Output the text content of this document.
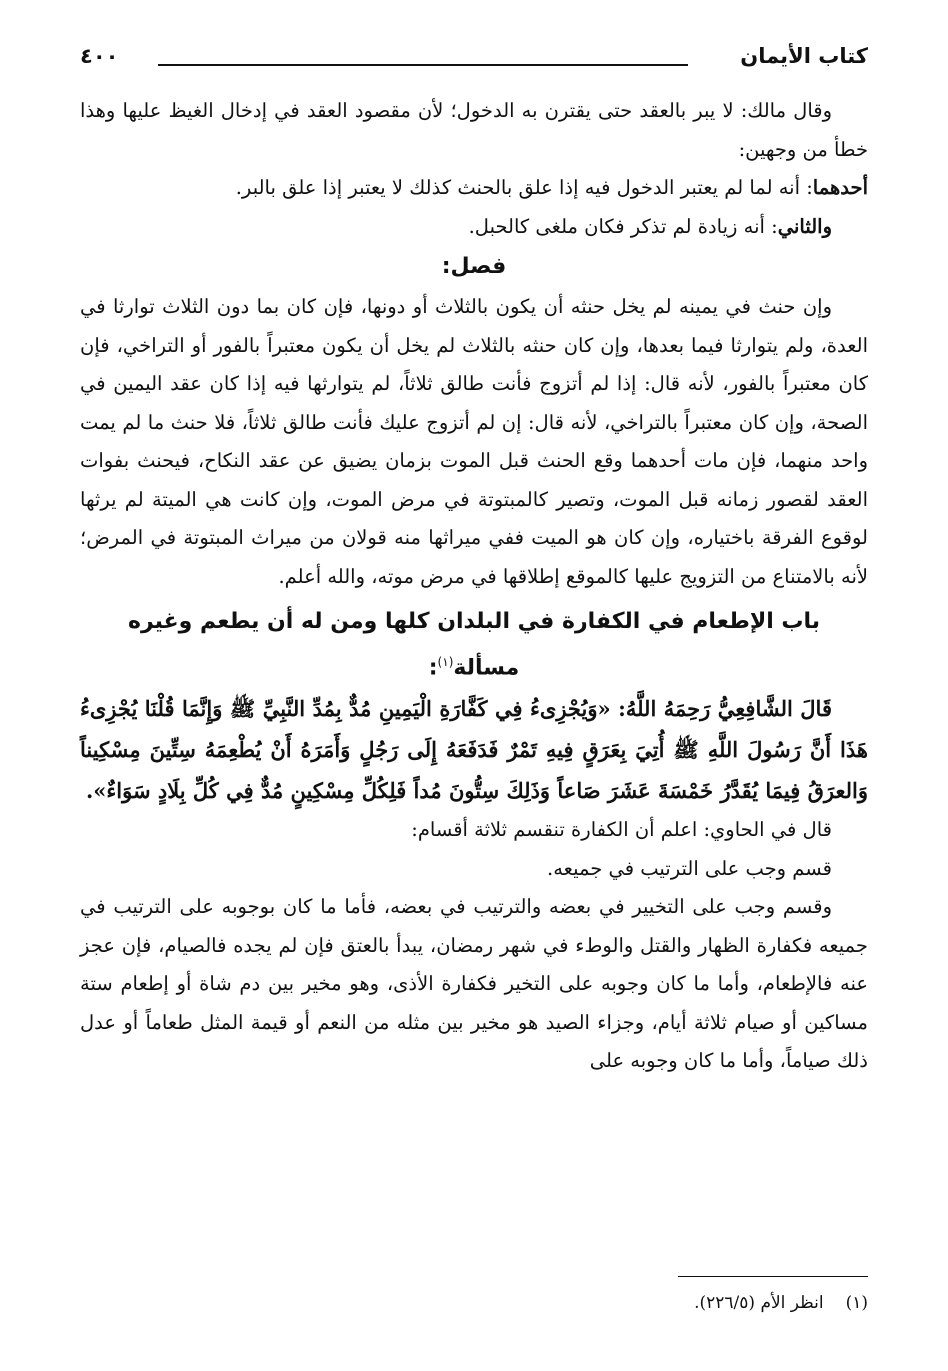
كتاب الأيمان
٤٠٠

وقال مالك: لا يبر بالعقد حتى يقترن به الدخول؛ لأن مقصود العقد في إدخال الغيظ عليها وهذا خطأ من وجهين:

أحدهما: أنه لما لم يعتبر الدخول فيه إذا علق بالحنث كذلك لا يعتبر إذا علق بالبر.

والثاني: أنه زيادة لم تذكر فكان ملغى كالحبل.

فصل:

وإن حنث في يمينه لم يخل حنثه أن يكون بالثلاث أو دونها، فإن كان بما دون الثلاث توارثا في العدة، ولم يتوارثا فيما بعدها، وإن كان حنثه بالثلاث لم يخل أن يكون معتبراً بالفور أو التراخي، فإن كان معتبراً بالفور، لأنه قال: إذا لم أتزوج فأنت طالق ثلاثاً، لم يتوارثها فيه إذا كان عقد اليمين في الصحة، وإن كان معتبراً بالتراخي، لأنه قال: إن لم أتزوج عليك فأنت طالق ثلاثاً، فلا حنث ما لم يمت واحد منهما، فإن مات أحدهما وقع الحنث قبل الموت بزمان يضيق عن عقد النكاح، فيحنث بفوات العقد لقصور زمانه قبل الموت، وتصير كالمبتوتة في مرض الموت، وإن كانت هي الميتة لم يرثها لوقوع الفرقة باختياره، وإن كان هو الميت ففي ميراثها منه قولان من ميراث المبتوتة في المرض؛ لأنه بالامتناع من التزويج عليها كالموقع إطلاقها في مرض موته، والله أعلم.

باب الإطعام في الكفارة في البلدان كلها ومن له أن يطعم وغيره
مسألة$^{(١)}$:

قَالَ الشَّافِعِيُّ رَحِمَهُ اللَّهُ: «وَيُجْزِىءُ فِي كَفَّارَةِ الْيَمِينِ مُدٌّ بِمُدِّ النَّبِيِّ ﷺ وَإِنَّمَا قُلْنَا يُجْزِىءُ هَذَا أَنَّ رَسُولَ اللَّهِ ﷺ أُتِيَ بِعَرَقٍ فِيهِ تَمْرٌ فَدَفَعَهُ إِلَى رَجُلٍ وَأَمَرَهُ أَنْ يُطْعِمَهُ سِتِّينَ مِسْكِيناً وَالعرَقُ فِيمَا يُقَدَّرُ خَمْسَةَ عَشَرَ صَاعاً وَذَلِكَ سِتُّونَ مُداً فَلِكُلِّ مِسْكِينٍ مُدٌّ فِي كُلِّ بِلَادٍ سَوَاءٌ».

قال في الحاوي: اعلم أن الكفارة تنقسم ثلاثة أقسام:

قسم وجب على الترتيب في جميعه.

وقسم وجب على التخيير في بعضه والترتيب في بعضه، فأما ما كان بوجوبه على الترتيب في جميعه فكفارة الظهار والقتل والوطء في شهر رمضان، يبدأ بالعتق فإن لم يجده فالصيام، فإن عجز عنه فالإطعام، وأما ما كان وجوبه على التخير فكفارة الأذى، وهو مخير بين دم شاة أو إطعام ستة مساكين أو صيام ثلاثة أيام، وجزاء الصيد هو مخير بين مثله من النعم أو قيمة المثل طعاماً أو عدل ذلك صياماً، وأما ما كان وجوبه على

(١)انظر الأم (٢٢٦/٥).
